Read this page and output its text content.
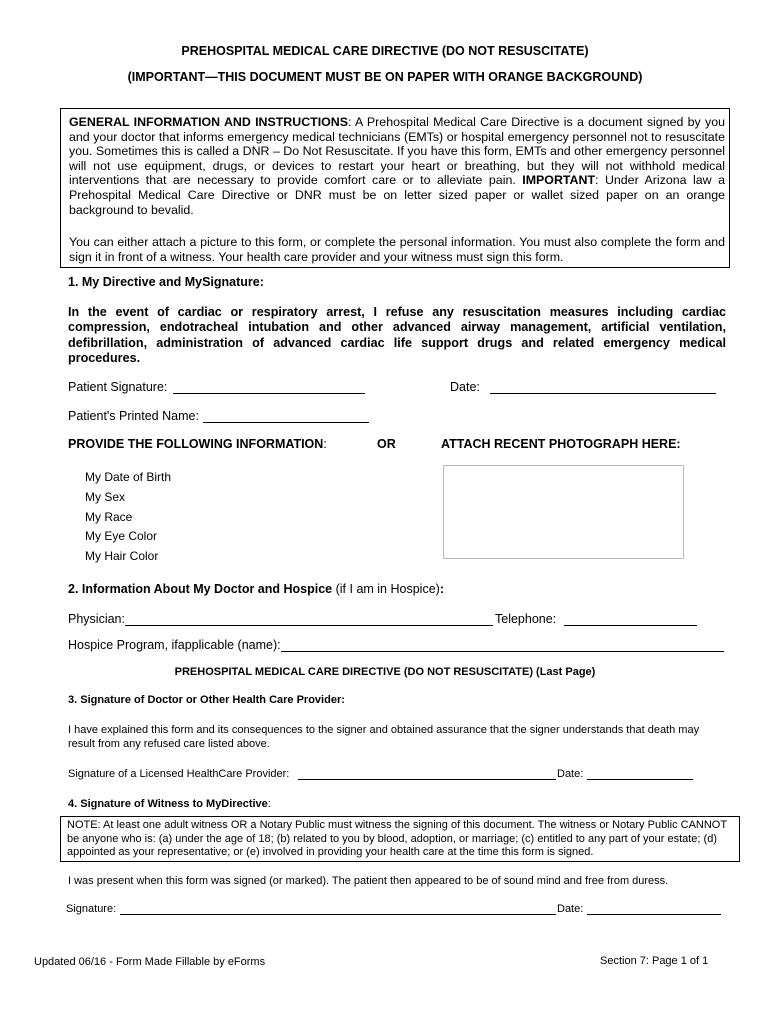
PREHOSPITAL MEDICAL CARE DIRECTIVE (DO NOT RESUSCITATE)
(IMPORTANT—THIS DOCUMENT MUST BE ON PAPER WITH ORANGE BACKGROUND)
GENERAL INFORMATION AND INSTRUCTIONS: A Prehospital Medical Care Directive is a document signed by you and your doctor that informs emergency medical technicians (EMTs) or hospital emergency personnel not to resuscitate you. Sometimes this is called a DNR – Do Not Resuscitate. If you have this form, EMTs and other emergency personnel will not use equipment, drugs, or devices to restart your heart or breathing, but they will not withhold medical interventions that are necessary to provide comfort care or to alleviate pain. IMPORTANT: Under Arizona law a Prehospital Medical Care Directive or DNR must be on letter sized paper or wallet sized paper on an orange background to bevalid.
You can either attach a picture to this form, or complete the personal information. You must also complete the form and sign it in front of a witness. Your health care provider and your witness must sign this form.
1. My Directive and MySignature:
In the event of cardiac or respiratory arrest, I refuse any resuscitation measures including cardiac compression, endotracheal intubation and other advanced airway management, artificial ventilation, defibrillation, administration of advanced cardiac life support drugs and related emergency medical procedures.
Patient Signature:	Date:
Patient's Printed Name:
PROVIDE THE FOLLOWING INFORMATION:	OR	ATTACH RECENT PHOTOGRAPH HERE:
My Date of Birth
My Sex
My Race
My Eye Color
My Hair Color
2. Information About My Doctor and Hospice (if I am in Hospice):
Physician:	Telephone:
Hospice Program, ifapplicable (name):
PREHOSPITAL MEDICAL CARE DIRECTIVE (DO NOT RESUSCITATE) (Last Page)
3. Signature of Doctor or Other Health Care Provider:
I have explained this form and its consequences to the signer and obtained assurance that the signer understands that death may result from any refused care listed above.
Signature of a Licensed HealthCare Provider:	Date:
4. Signature of Witness to MyDirective:
NOTE: At least one adult witness OR a Notary Public must witness the signing of this document. The witness or Notary Public CANNOT be anyone who is: (a) under the age of 18; (b) related to you by blood, adoption, or marriage; (c) entitled to any part of your estate; (d) appointed as your representative; or (e) involved in providing your health care at the time this form is signed.
I was present when this form was signed (or marked). The patient then appeared to be of sound mind and free from duress.
Signature:	Date:
Updated 06/16 - Form Made Fillable by eForms	Section 7: Page 1 of 1
